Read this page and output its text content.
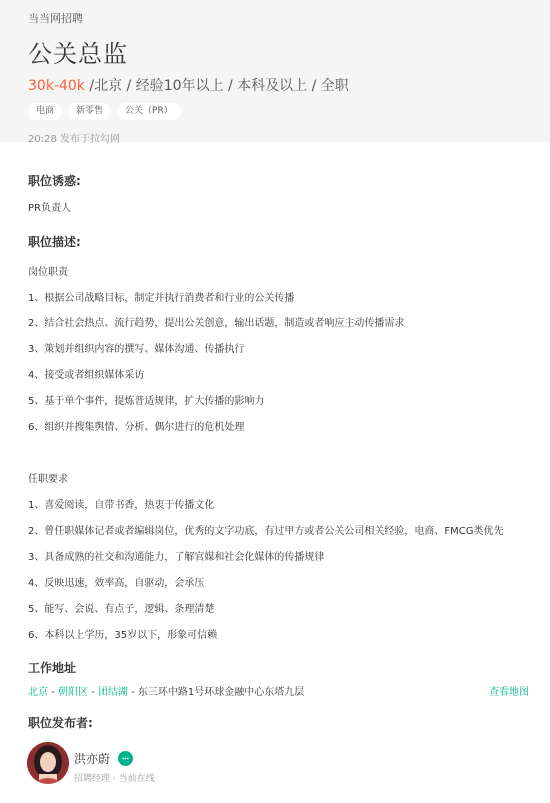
当当网招聘
公关总监
30k-40k /北京 / 经验10年以上 / 本科及以上 / 全职
电商	新零售	公关（PR）
20:28 发布于拉勾网
职位诱惑:
PR负责人
职位描述:
岗位职责
1、根据公司战略目标，制定并执行消费者和行业的公关传播
2、结合社会热点、流行趋势，提出公关创意，输出话题，制造或者响应主动传播需求
3、策划并组织内容的撰写、媒体沟通、传播执行
4、接受或者组织媒体采访
5、基于单个事件，提炼普适规律，扩大传播的影响力
6、组织并搜集舆情、分析、偶尔进行的危机处理
任职要求
1、喜爱阅读，自带书香，热衷于传播文化
2、曾任职媒体记者或者编辑岗位，优秀的文字功底，有过甲方或者公关公司相关经验，电商、FMCG类优先
3、具备成熟的社交和沟通能力，了解官媒和社会化媒体的传播规律
4、反映迅速，效率高，自驱动，会承压
5、能写、会说、有点子，逻辑、条理清楚
6、本科以上学历，35岁以下，形象可信赖
工作地址
北京 - 朝阳区 - 团结湖 - 东三环中路1号环球金融中心东塔九层	查看地图
职位发布者:
洪亦蔚
招聘经理 · 当前在线
